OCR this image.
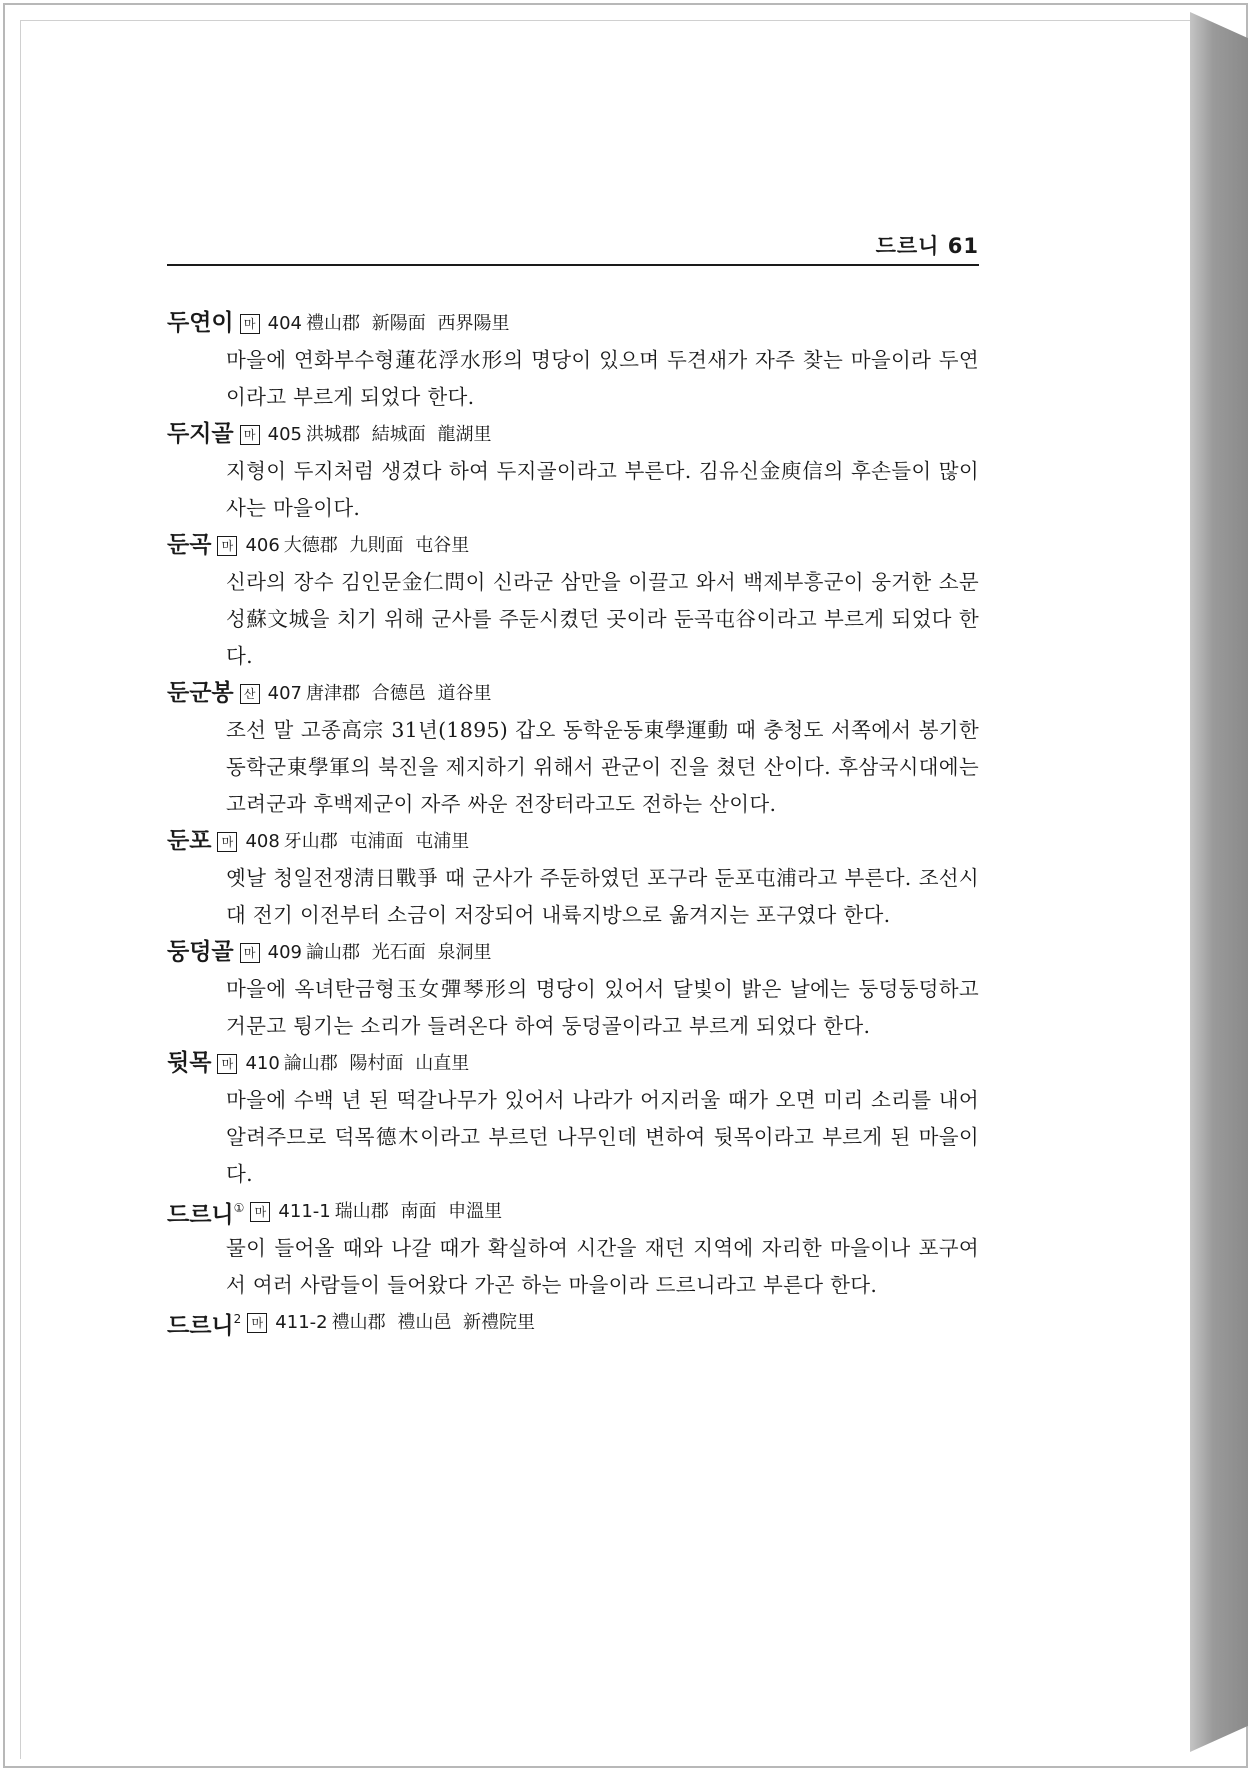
드르니 61
두연이 마 404 禮山郡 新陽面 西界陽里
마을에 연화부수형蓮花浮水形의 명당이 있으며 두견새가 자주 찾는 마을이라 두연이라고 부르게 되었다 한다.
두지골 마 405 洪城郡 結城面 龍湖里
지형이 두지처럼 생겼다 하여 두지골이라고 부른다. 김유신金庾信의 후손들이 많이 사는 마을이다.
둔곡 마 406 大德郡 九則面 屯谷里
신라의 장수 김인문金仁問이 신라군 삼만을 이끌고 와서 백제부흥군이 웅거한 소문성蘇文城을 치기 위해 군사를 주둔시켰던 곳이라 둔곡屯谷이라고 부르게 되었다 한다.
둔군봉 산 407 唐津郡 合德邑 道谷里
조선 말 고종高宗 31년(1895) 갑오 동학운동東學運動 때 충청도 서쪽에서 봉기한 동학군東學軍의 북진을 제지하기 위해서 관군이 진을 쳤던 산이다. 후삼국시대에는 고려군과 후백제군이 자주 싸운 전장터라고도 전하는 산이다.
둔포 마 408 牙山郡 屯浦面 屯浦里
옛날 청일전쟁淸日戰爭 때 군사가 주둔하였던 포구라 둔포屯浦라고 부른다. 조선시대 전기 이전부터 소금이 저장되어 내륙지방으로 옮겨지는 포구였다 한다.
둥덩골 마 409 論山郡 光石面 泉洞里
마을에 옥녀탄금형玉女彈琴形의 명당이 있어서 달빛이 밝은 날에는 둥덩둥덩하고 거문고 튕기는 소리가 들려온다 하여 둥덩골이라고 부르게 되었다 한다.
뒷목 마 410 論山郡 陽村面 山直里
마을에 수백 년 된 떡갈나무가 있어서 나라가 어지러울 때가 오면 미리 소리를 내어 알려주므로 덕목德木이라고 부르던 나무인데 변하여 뒷목이라고 부르게 된 마을이다.
드르니① 마 411-1 瑞山郡 南面 申溫里
물이 들어올 때와 나갈 때가 확실하여 시간을 재던 지역에 자리한 마을이나 포구여서 여러 사람들이 들어왔다 가곤 하는 마을이라 드르니라고 부른다 한다.
드르니$^2$ 마 411-2 禮山郡 禮山邑 新禮院里
